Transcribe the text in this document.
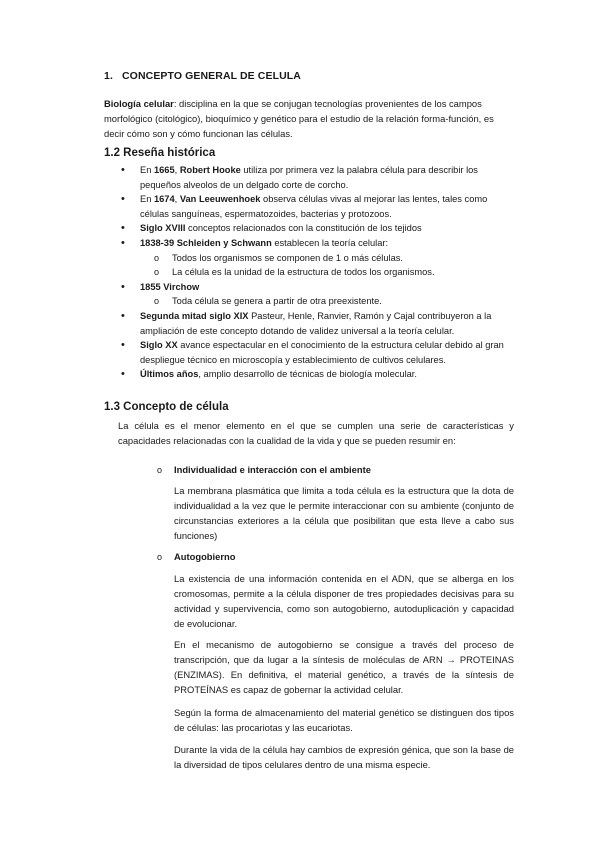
1. CONCEPTO GENERAL DE CELULA
Biología celular: disciplina en la que se conjugan tecnologías provenientes de los campos morfológico (citológico), bioquímico y genético para el estudio de la relación forma-función, es decir cómo son y cómo funcionan las células.
1.2 Reseña histórica
• En 1665, Robert Hooke utiliza por primera vez la palabra célula para describir los pequeños alveolos de un delgado corte de corcho.
• En 1674, Van Leeuwenhoek observa células vivas al mejorar las lentes, tales como células sanguíneas, espermatozoides, bacterias y protozoos.
• Siglo XVIII conceptos relacionados con la constitución de los tejidos
• 1838-39 Schleiden y Schwann establecen la teoría celular:
o Todos los organismos se componen de 1 o más células.
o La célula es la unidad de la estructura de todos los organismos.
• 1855 Virchow
o Toda célula se genera a partir de otra preexistente.
• Segunda mitad siglo XIX Pasteur, Henle, Ranvier, Ramón y Cajal contribuyeron a la ampliación de este concepto dotando de validez universal a la teoría celular.
• Siglo XX avance espectacular en el conocimiento de la estructura celular debido al gran despliegue técnico en microscopía y establecimiento de cultivos celulares.
• Últimos años, amplio desarrollo de técnicas de biología molecular.
1.3 Concepto de célula
La célula es el menor elemento en el que se cumplen una serie de características y capacidades relacionadas con la cualidad de la vida y que se pueden resumir en:
o Individualidad e interacción con el ambiente
La membrana plasmática que limita a toda célula es la estructura que la dota de individualidad a la vez que le permite interaccionar con su ambiente (conjunto de circunstancias exteriores a la célula que posibilitan que esta lleve a cabo sus funciones)
o Autogobierno
La existencia de una información contenida en el ADN, que se alberga en los cromosomas, permite a la célula disponer de tres propiedades decisivas para su actividad y supervivencia, como son autogobierno, autoduplicación y capacidad de evolucionar.
En el mecanismo de autogobierno se consigue a través del proceso de transcripción, que da lugar a la síntesis de moléculas de ARN → PROTEINAS (ENZIMAS). En definitiva, el material genético, a través de la síntesis de PROTEÍNAS es capaz de gobernar la actividad celular.
Según la forma de almacenamiento del material genético se distinguen dos tipos de células: las procariotas y las eucariotas.
Durante la vida de la célula hay cambios de expresión génica, que son la base de la diversidad de tipos celulares dentro de una misma especie.
